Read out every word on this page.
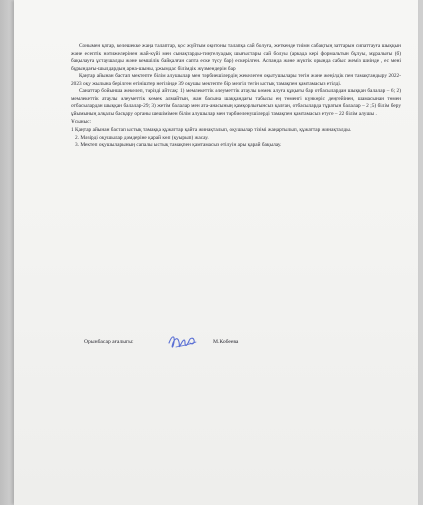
Сонымен қатар, келешекке жаңа талаптар, қос жүйтым оқитоны талапқа сай болуға, жеткенде тиімн сабақтың заттарын сипаттауға шыққын және есептік нәтижелерінен жай-күйі мен сынақтарды-тиңтелуадық шығыстары сай болуы (аркада кері формальтын бұлуы, мұралығы (б) бақылауға ұстаушалды және кемшілік байқалған сапта еске түсу бар) ескерілген. Аспанда және жүктік орында сабыс жеміз шиінде , ес мені бұрындағы-шылдардың арна-шыны, ұжымдас білімдік жүзмендерін бар

Қаңтар айынан бастап мектепте білім алушылар мен тәрбиешілердің жекелеген оқытушылары тегін және жеңілдік пен тамақтандыру 2022-2023 оқу жылына берілген өтініштер негізінде 39 оқушы мектепте бір мезгіл тегін ыстық тамақпен қамтамасыз етілді.

Санаттар бойынша жекелеп, тәрізді айтсақ: 1) мемлекеттік әлеуметтік атаулы көмек алуға құқығы бар отбасылардан шыққан балалар – 6; 2) мемлекеттік атаулы әлеуметтік көмек алмайтын, жан басына шаққандағы табысы ең төменгі күнкөріс деңгейінен, шамасынан төмен отбасылардан шыққан балалар-29; 3) жетім балалар мен ата-анасының қамқорлығынсыз қалған, отбасыларда тұратын балалар – 2 ;5) білім беру ұйымының алқалы басқару органы шешімімен білім алушылар мен тәрбиеленушілерді тамақпен қамтамасыз етуге – 22 білім алушы .

Ұсыныс:

1 Қаңтар айынан бастап ыстық тамаққа құжаттар қайта жинақталып, оқушылар тізімі жаңартылып, құжаттар жинақталды.
2. Мәзірді оқушылар дәмдеріне қарай көп (қуырып) жасау.
3. Мектеп оқушыларының сапалы ыстық тамақпен қамтамасыз етілуін ары қарай бақылау.
Орынбасар ағалыгы:	М.Кобеева
